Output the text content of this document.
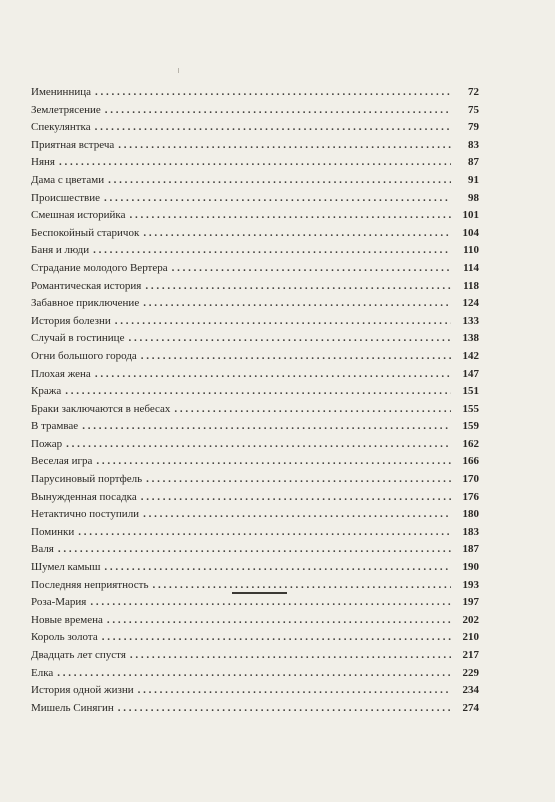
Именинница . . .	72
Землетрясение . . .	75
Спекулянтка . . .	79
Приятная встреча . . .	83
Няня . . .	87
Дама с цветами . . .	91
Происшествие . . .	98
Смешная историйка . . .	101
Беспокойный старичок . . .	104
Баня и люди . . .	110
Страдание молодого Вертера . . .	114
Романтическая история . . .	118
Забавное приключение . . .	124
История болезни . . .	133
Случай в гостинице . . .	138
Огни большого города . . .	142
Плохая жена . . .	147
Кража . . .	151
Браки заключаются в небесах . . .	155
В трамвае . . .	159
Пожар . . .	162
Веселая игра . . .	166
Парусиновый портфель . . .	170
Вынужденная посадка . . .	176
Нетактично поступили . . .	180
Поминки . . .	183
Валя . . .	187
Шумел камыш . . .	190
Последняя неприятность . . .	193
Роза-Мария . . .	197
Новые времена . . .	202
Король золота . . .	210
Двадцать лет спустя . . .	217
Елка . . .	229
История одной жизни . . .	234
Мишель Синягин . . .	274
